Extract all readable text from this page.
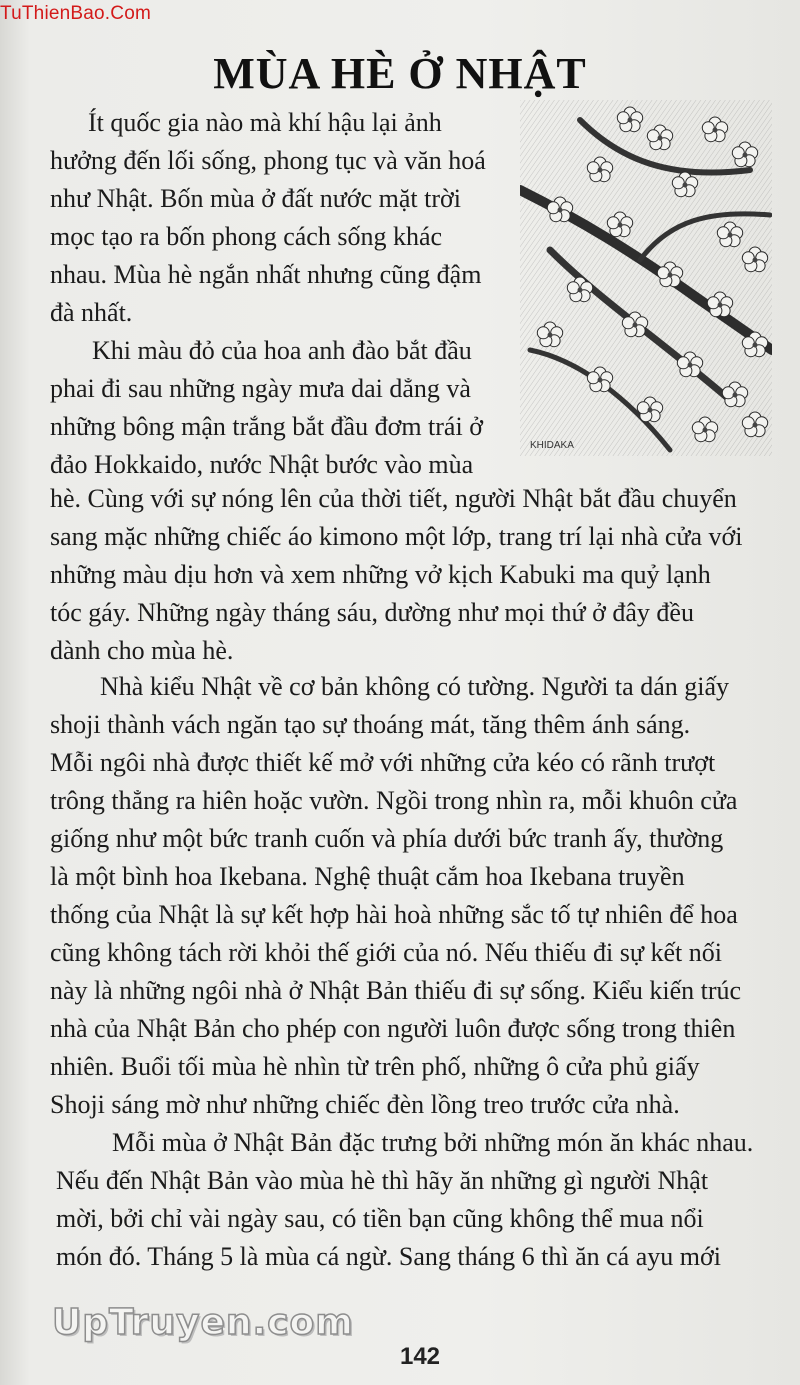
TuThienBao.Com
MÙA HÈ Ở NHẬT
KHIDAKA
Ít quốc gia nào mà khí hậu lại ảnh
hưởng đến lối sống, phong tục và văn hoá
như Nhật. Bốn mùa ở đất nước mặt trời
mọc tạo ra bốn phong cách sống khác
nhau. Mùa hè ngắn nhất nhưng cũng đậm
đà nhất.
Khi màu đỏ của hoa anh đào bắt đầu
phai đi sau những ngày mưa dai dẳng và
những bông mận trắng bắt đầu đơm trái ở
đảo Hokkaido, nước Nhật bước vào mùa
hè. Cùng với sự nóng lên của thời tiết, người Nhật bắt đầu chuyển
sang mặc những chiếc áo kimono một lớp, trang trí lại nhà cửa với
những màu dịu hơn và xem những vở kịch Kabuki ma quỷ lạnh
tóc gáy. Những ngày tháng sáu, dường như mọi thứ ở đây đều
dành cho mùa hè.
Nhà kiểu Nhật về cơ bản không có tường. Người ta dán giấy
shoji thành vách ngăn tạo sự thoáng mát, tăng thêm ánh sáng.
Mỗi ngôi nhà được thiết kế mở với những cửa kéo có rãnh trượt
trông thẳng ra hiên hoặc vườn. Ngồi trong nhìn ra, mỗi khuôn cửa
giống như một bức tranh cuốn và phía dưới bức tranh ấy, thường
là một bình hoa Ikebana. Nghệ thuật cắm hoa Ikebana truyền
thống của Nhật là sự kết hợp hài hoà những sắc tố tự nhiên để hoa
cũng không tách rời khỏi thế giới của nó. Nếu thiếu đi sự kết nối
này là những ngôi nhà ở Nhật Bản thiếu đi sự sống. Kiểu kiến trúc
nhà của Nhật Bản cho phép con người luôn được sống trong thiên
nhiên. Buổi tối mùa hè nhìn từ trên phố, những ô cửa phủ giấy
Shoji sáng mờ như những chiếc đèn lồng treo trước cửa nhà.
Mỗi mùa ở Nhật Bản đặc trưng bởi những món ăn khác nhau.
Nếu đến Nhật Bản vào mùa hè thì hãy ăn những gì người Nhật
mời, bởi chỉ vài ngày sau, có tiền bạn cũng không thể mua nổi
món đó. Tháng 5 là mùa cá ngừ. Sang tháng 6 thì ăn cá ayu mới
UpTruyen.com
142
